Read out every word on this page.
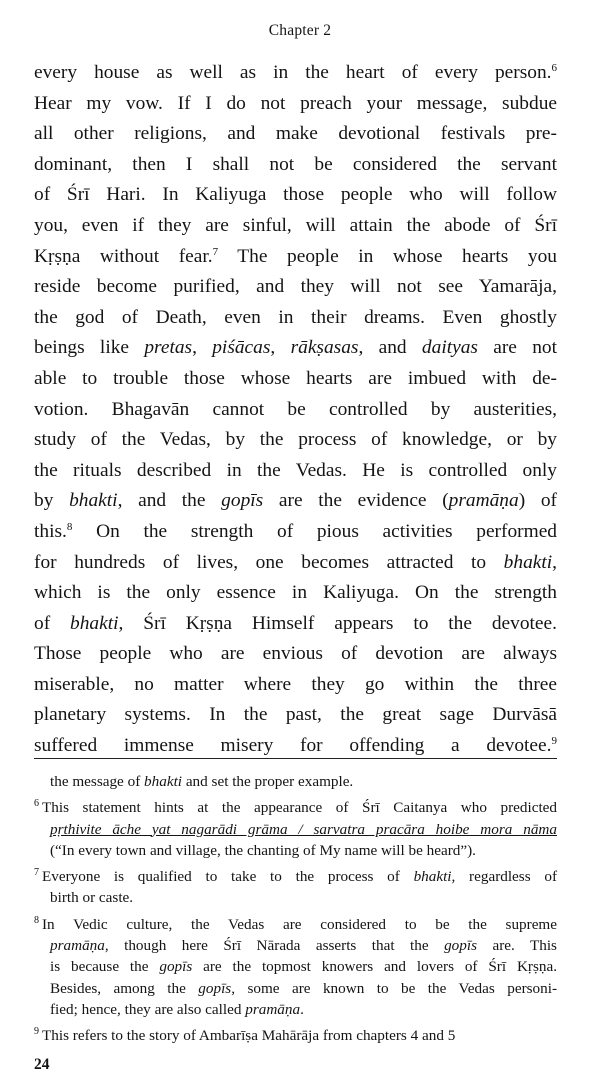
Chapter 2
every house as well as in the heart of every person.$^6$
Hear my vow. If I do not preach your message, subdue
all other religions, and make devotional festivals pre-
dominant, then I shall not be considered the servant
of Śrī Hari. In Kaliyuga those people who will follow
you, even if they are sinful, will attain the abode of Śrī
Kṛṣṇa without fear.$^7$ The people in whose hearts you
reside become purified, and they will not see Yamarāja,
the god of Death, even in their dreams. Even ghostly
beings like pretas, piśācas, rākṣasas, and daityas are not
able to trouble those whose hearts are imbued with de-
votion. Bhagavān cannot be controlled by austerities,
study of the Vedas, by the process of knowledge, or by
the rituals described in the Vedas. He is controlled only
by bhakti, and the gopīs are the evidence (pramāṇa) of
this.$^8$ On the strength of pious activities performed
for hundreds of lives, one becomes attracted to bhakti,
which is the only essence in Kaliyuga. On the strength
of bhakti, Śrī Kṛṣṇa Himself appears to the devotee.
Those people who are envious of devotion are always
miserable, no matter where they go within the three
planetary systems. In the past, the great sage Durvāsā
suffered immense misery for offending a devotee.$^9$
the message of bhakti and set the proper example.
$^6$ This statement hints at the appearance of Śrī Caitanya who predicted
pṛthivite āche yat nagarādi grāma / sarvatra pracāra hoibe mora nāma
(“In every town and village, the chanting of My name will be heard”).
$^7$ Everyone is qualified to take to the process of bhakti, regardless of
birth or caste.
$^8$ In Vedic culture, the Vedas are considered to be the supreme
pramāṇa, though here Śrī Nārada asserts that the gopīs are. This
is because the gopīs are the topmost knowers and lovers of Śrī Kṛṣṇa.
Besides, among the gopīs, some are known to be the Vedas personi-
fied; hence, they are also called pramāṇa.
$^9$ This refers to the story of Ambarīṣa Mahārāja from chapters 4 and 5
24
